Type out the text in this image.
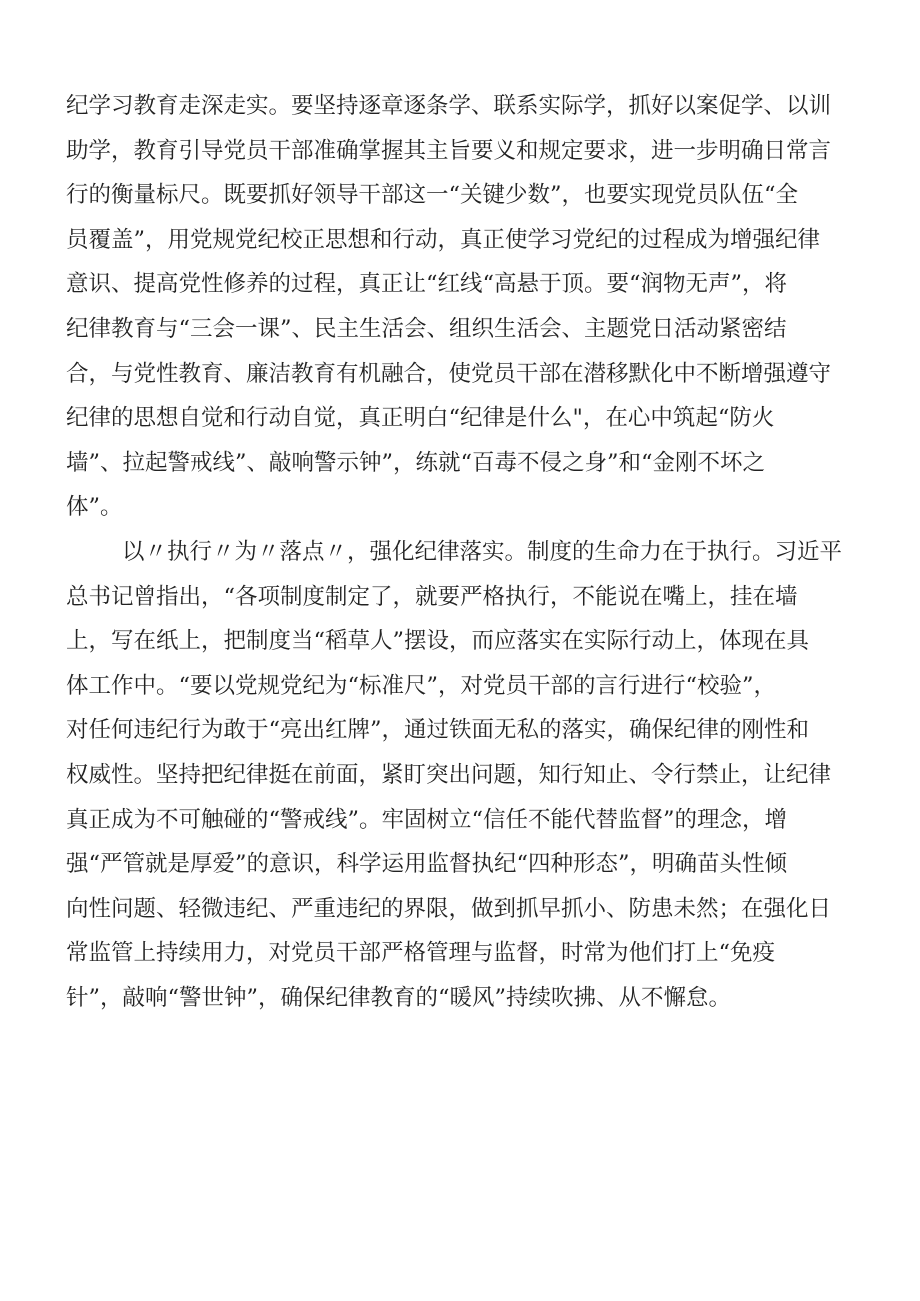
纪学习教育走深走实。要坚持逐章逐条学、联系实际学，抓好以案促学、以训
助学，教育引导党员干部准确掌握其主旨要义和规定要求，进一步明确日常言
行的衡量标尺。既要抓好领导干部这一“关键少数”，也要实现党员队伍“全
员覆盖”，用党规党纪校正思想和行动，真正使学习党纪的过程成为增强纪律
意识、提高党性修养的过程，真正让“红线“高悬于顶。要“润物无声”，将
纪律教育与“三会一课”、民主生活会、组织生活会、主题党日活动紧密结
合，与党性教育、廉洁教育有机融合，使党员干部在潜移默化中不断增强遵守
纪律的思想自觉和行动自觉，真正明白“纪律是什么"，在心中筑起“防火
墙”、拉起警戒线”、敲响警示钟”，练就“百毒不侵之身”和“金刚不坏之
体”。
以〃执行〃为〃落点〃，强化纪律落实。制度的生命力在于执行。习近平
总书记曾指出，“各项制度制定了，就要严格执行，不能说在嘴上，挂在墙
上，写在纸上，把制度当“稻草人”摆设，而应落实在实际行动上，体现在具
体工作中。“要以党规党纪为“标准尺”，对党员干部的言行进行“校验”，
对任何违纪行为敢于“亮出红牌”，通过铁面无私的落实，确保纪律的刚性和
权威性。坚持把纪律挺在前面，紧盯突出问题，知行知止、令行禁止，让纪律
真正成为不可触碰的“警戒线”。牢固树立“信任不能代替监督”的理念，增
强“严管就是厚爱”的意识，科学运用监督执纪“四种形态”，明确苗头性倾
向性问题、轻微违纪、严重违纪的界限，做到抓早抓小、防患未然；在强化日
常监管上持续用力，对党员干部严格管理与监督，时常为他们打上“免疫
针”，敲响“警世钟”，确保纪律教育的“暖风”持续吹拂、从不懈怠。
